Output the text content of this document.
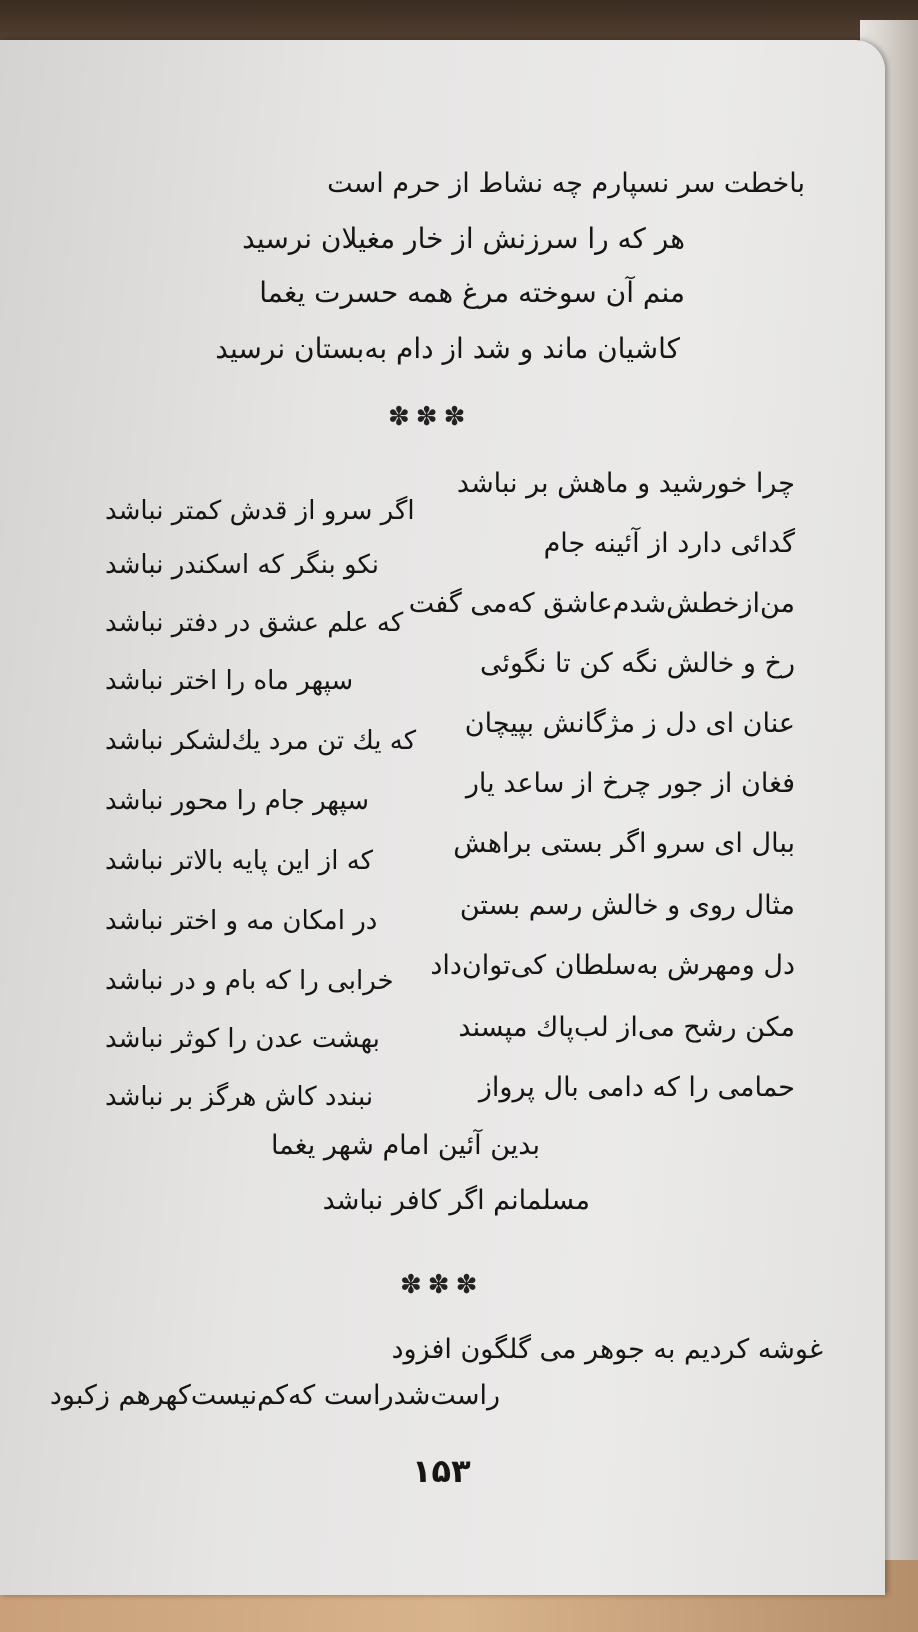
باخطت سر نسپارم چه نشاط از حرم است
هر که را سرزنش از خار مغیلان نرسید
منم آن سوخته مرغ همه حسرت یغما
کاشیان ماند و شد از دام به‌بستان نرسید
✽✽✽
چرا خورشید و ماهش بر نباشد
اگر سرو از قدش کمتر نباشد
گدائی دارد از آئینه جام
نکو بنگر که اسکندر نباشد
من‌از‌خطش‌شدم‌عاشق که‌می گفت
که علم عشق در دفتر نباشد
رخ و خالش نگه کن تا نگوئی
سپهر ماه را اختر نباشد
عنان ای دل ز مژگانش بپیچان
که یك تن مرد یك‌لشکر نباشد
فغان از جور چرخ از ساعد یار
سپهر جام را محور نباشد
ببال ای سرو اگر بستی براهش
که از این پایه بالاتر نباشد
مثال روی و خالش رسم بستن
در امکان مه و اختر نباشد
دل ومهرش به‌سلطان کی‌توان‌داد
خرابی را که بام و در نباشد
مکن رشح می‌از لب‌پاك مپسند
بهشت عدن را کوثر نباشد
حمامی را که دامی بال پرواز
نبندد کاش هرگز بر نباشد
بدین آئین امام شهر یغما
مسلمانم اگر کافر نباشد
✽✽✽
غوشه کردیم به جوهر می گلگون افزود
راست‌شدراست که‌کم‌نیست‌کهرهم زکبود
۱۵۳
